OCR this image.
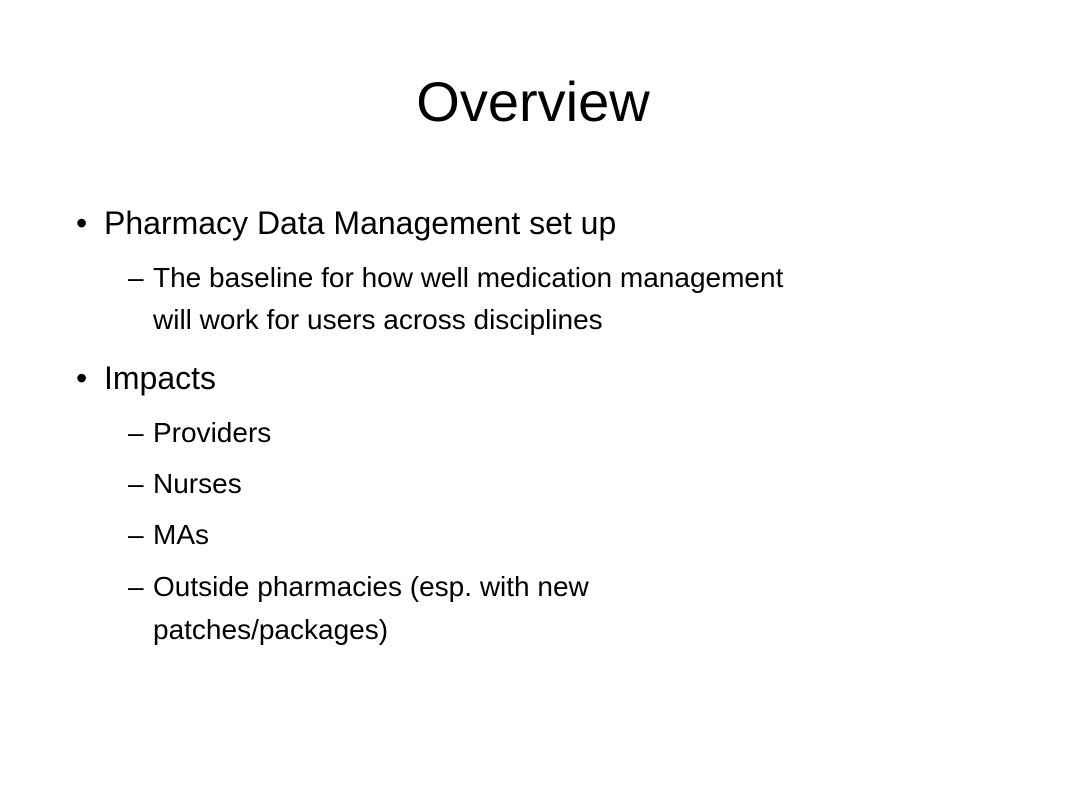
Overview
• Pharmacy Data Management set up
– The baseline for how well medication management
will work for users across disciplines
• Impacts
– Providers
– Nurses
– MAs
– Outside pharmacies (esp. with new
patches/packages)
